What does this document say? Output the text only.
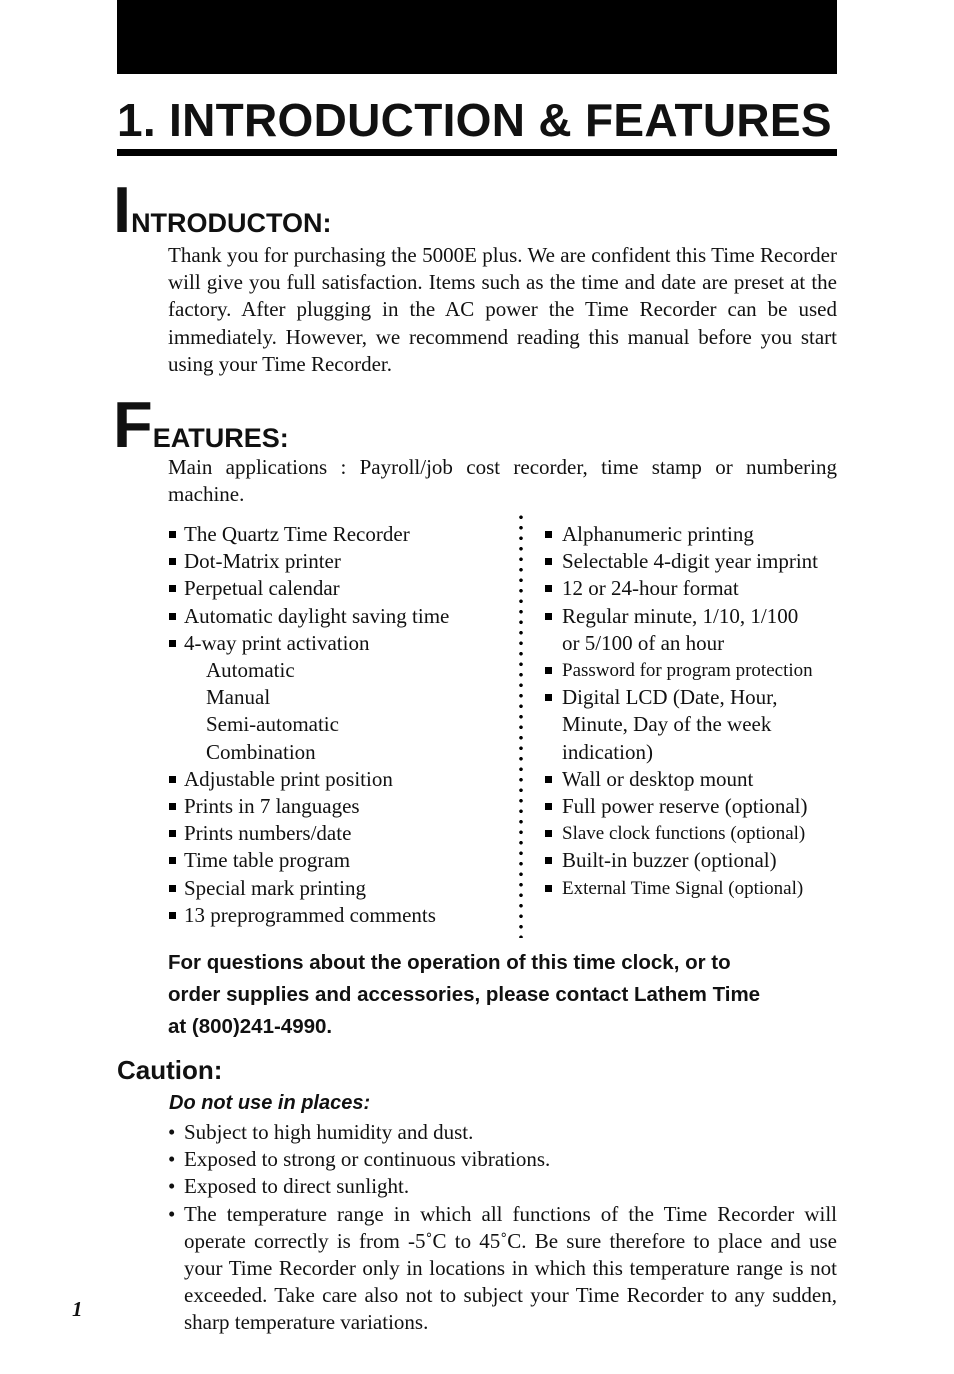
1. INTRODUCTION & FEATURES
INTRODUCTON:

Thank you for purchasing the 5000E plus. We are confident this Time Recorder will give you full satisfaction. Items such as the time and date are preset at the factory. After plugging in the AC power the Time Recorder can be used immediately. However, we recommend reading this manual before you start using your Time Recorder.

FEATURES:

Main applications : Payroll/job cost recorder, time stamp or numbering machine.

The Quartz Time Recorder
Dot-Matrix printer
Perpetual calendar
Automatic daylight saving time
4-way print activation
Automatic
Manual
Semi-automatic
Combination
Adjustable print position
Prints in 7 languages
Prints numbers/date
Time table program
Special mark printing
13 preprogrammed comments
Alphanumeric printing
Selectable 4-digit year imprint
12 or 24-hour format
Regular minute, 1/10, 1/100
or 5/100 of an hour
Password for program protection
Digital LCD (Date, Hour,
Minute, Day of the week
indication)
Wall or desktop mount
Full power reserve (optional)
Slave clock functions (optional)
Built-in buzzer (optional)
External Time Signal (optional)

For questions about the operation of this time clock, or to
order supplies and accessories, please contact Lathem Time
at (800)241-4990.

Caution:

Do not use in places:

• Subject to high humidity and dust.
• Exposed to strong or continuous vibrations.
• Exposed to direct sunlight.
• The temperature range in which all functions of the Time Recorder will operate correctly is from -5˚C to 45˚C. Be sure therefore to place and use your Time Recorder only in locations in which this temperature range is not exceeded. Take care also not to subject your Time Recorder to any sudden, sharp temperature variations.

1
